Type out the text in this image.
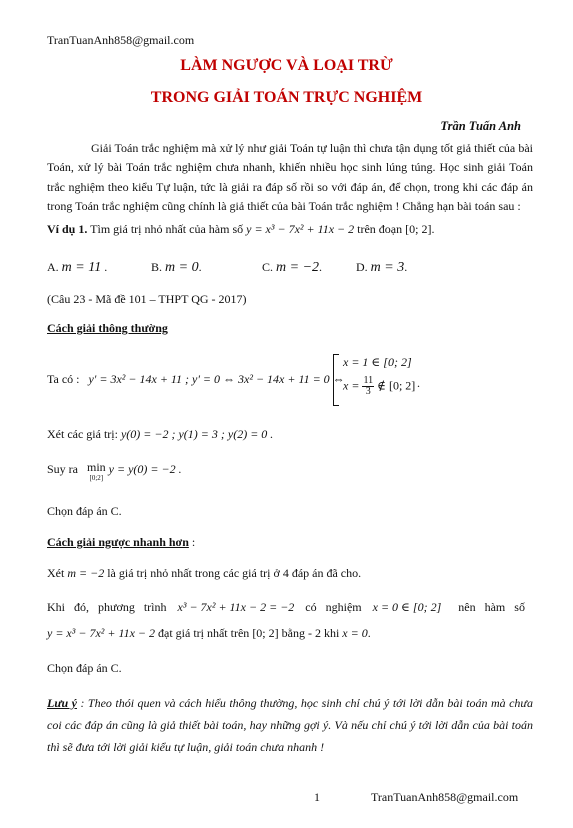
TranTuanAnh858@gmail.com
LÀM NGƯỢC VÀ LOẠI TRỪ
TRONG GIẢI TOÁN TRỰC NGHIỆM
Trần Tuấn Anh
Giải Toán trắc nghiệm mà xử lý như giải Toán tự luận thì chưa tận dụng tốt giả thiết của bài Toán, xử lý bài Toán trắc nghiệm chưa nhanh, khiến nhiều học sinh lúng túng. Học sinh giải Toán trắc nghiệm theo kiểu Tự luận, tức là giải ra đáp số rồi so với đáp án, để chọn, trong khi các đáp án trong Toán trắc nghiệm cũng chính là giả thiết của bài Toán trắc nghiệm ! Chẳng hạn bài toán sau :
Ví dụ 1. Tìm giá trị nhỏ nhất của hàm số y = x³ − 7x² + 11x − 2 trên đoạn [0; 2].
A. m = 11 .	B. m = 0.	C. m = −2.	D. m = 3.
(Câu 23 - Mã đề 101 – THPT QG - 2017)
Cách giải thông thường
Ta có : y' = 3x² − 14x + 11 ; y' = 0 ⇔ 3x² − 14x + 11 = 0 ⇔
x = 1 ∈ [0; 2]
$x = \frac{11}{3}$ ∉ [0; 2] .
Xét các giá trị: y(0) = −2 ; y(1) = 3 ; y(2) = 0 .
Suy ra min
[0;2]
y = y(0) = −2 .
Chọn đáp án C.
Cách giải ngược nhanh hơn :
Xét m = −2 là giá trị nhỏ nhất trong các giá trị ở 4 đáp án đã cho.
Khi   đó,   phương   trình x³ − 7x² + 11x − 2 = −2 có   nghiệm x = 0 ∈ [0; 2] nên   hàm   số
y = x³ − 7x² + 11x − 2 đạt giá trị nhất trên [0; 2] bằng - 2 khi x = 0.
Chọn đáp án C.
Lưu ý : Theo thói quen và cách hiểu thông thường, học sinh chỉ chú ý tới lời dẫn bài toán mà chưa coi các đáp án cũng là giả thiết bài toán, hay những gợi ý. Và nếu chỉ chú ý tới lời dẫn của bài toán thì sẽ đưa tới lời giải kiểu tự luận, giải toán chưa nhanh !
1	TranTuanAnh858@gmail.com
